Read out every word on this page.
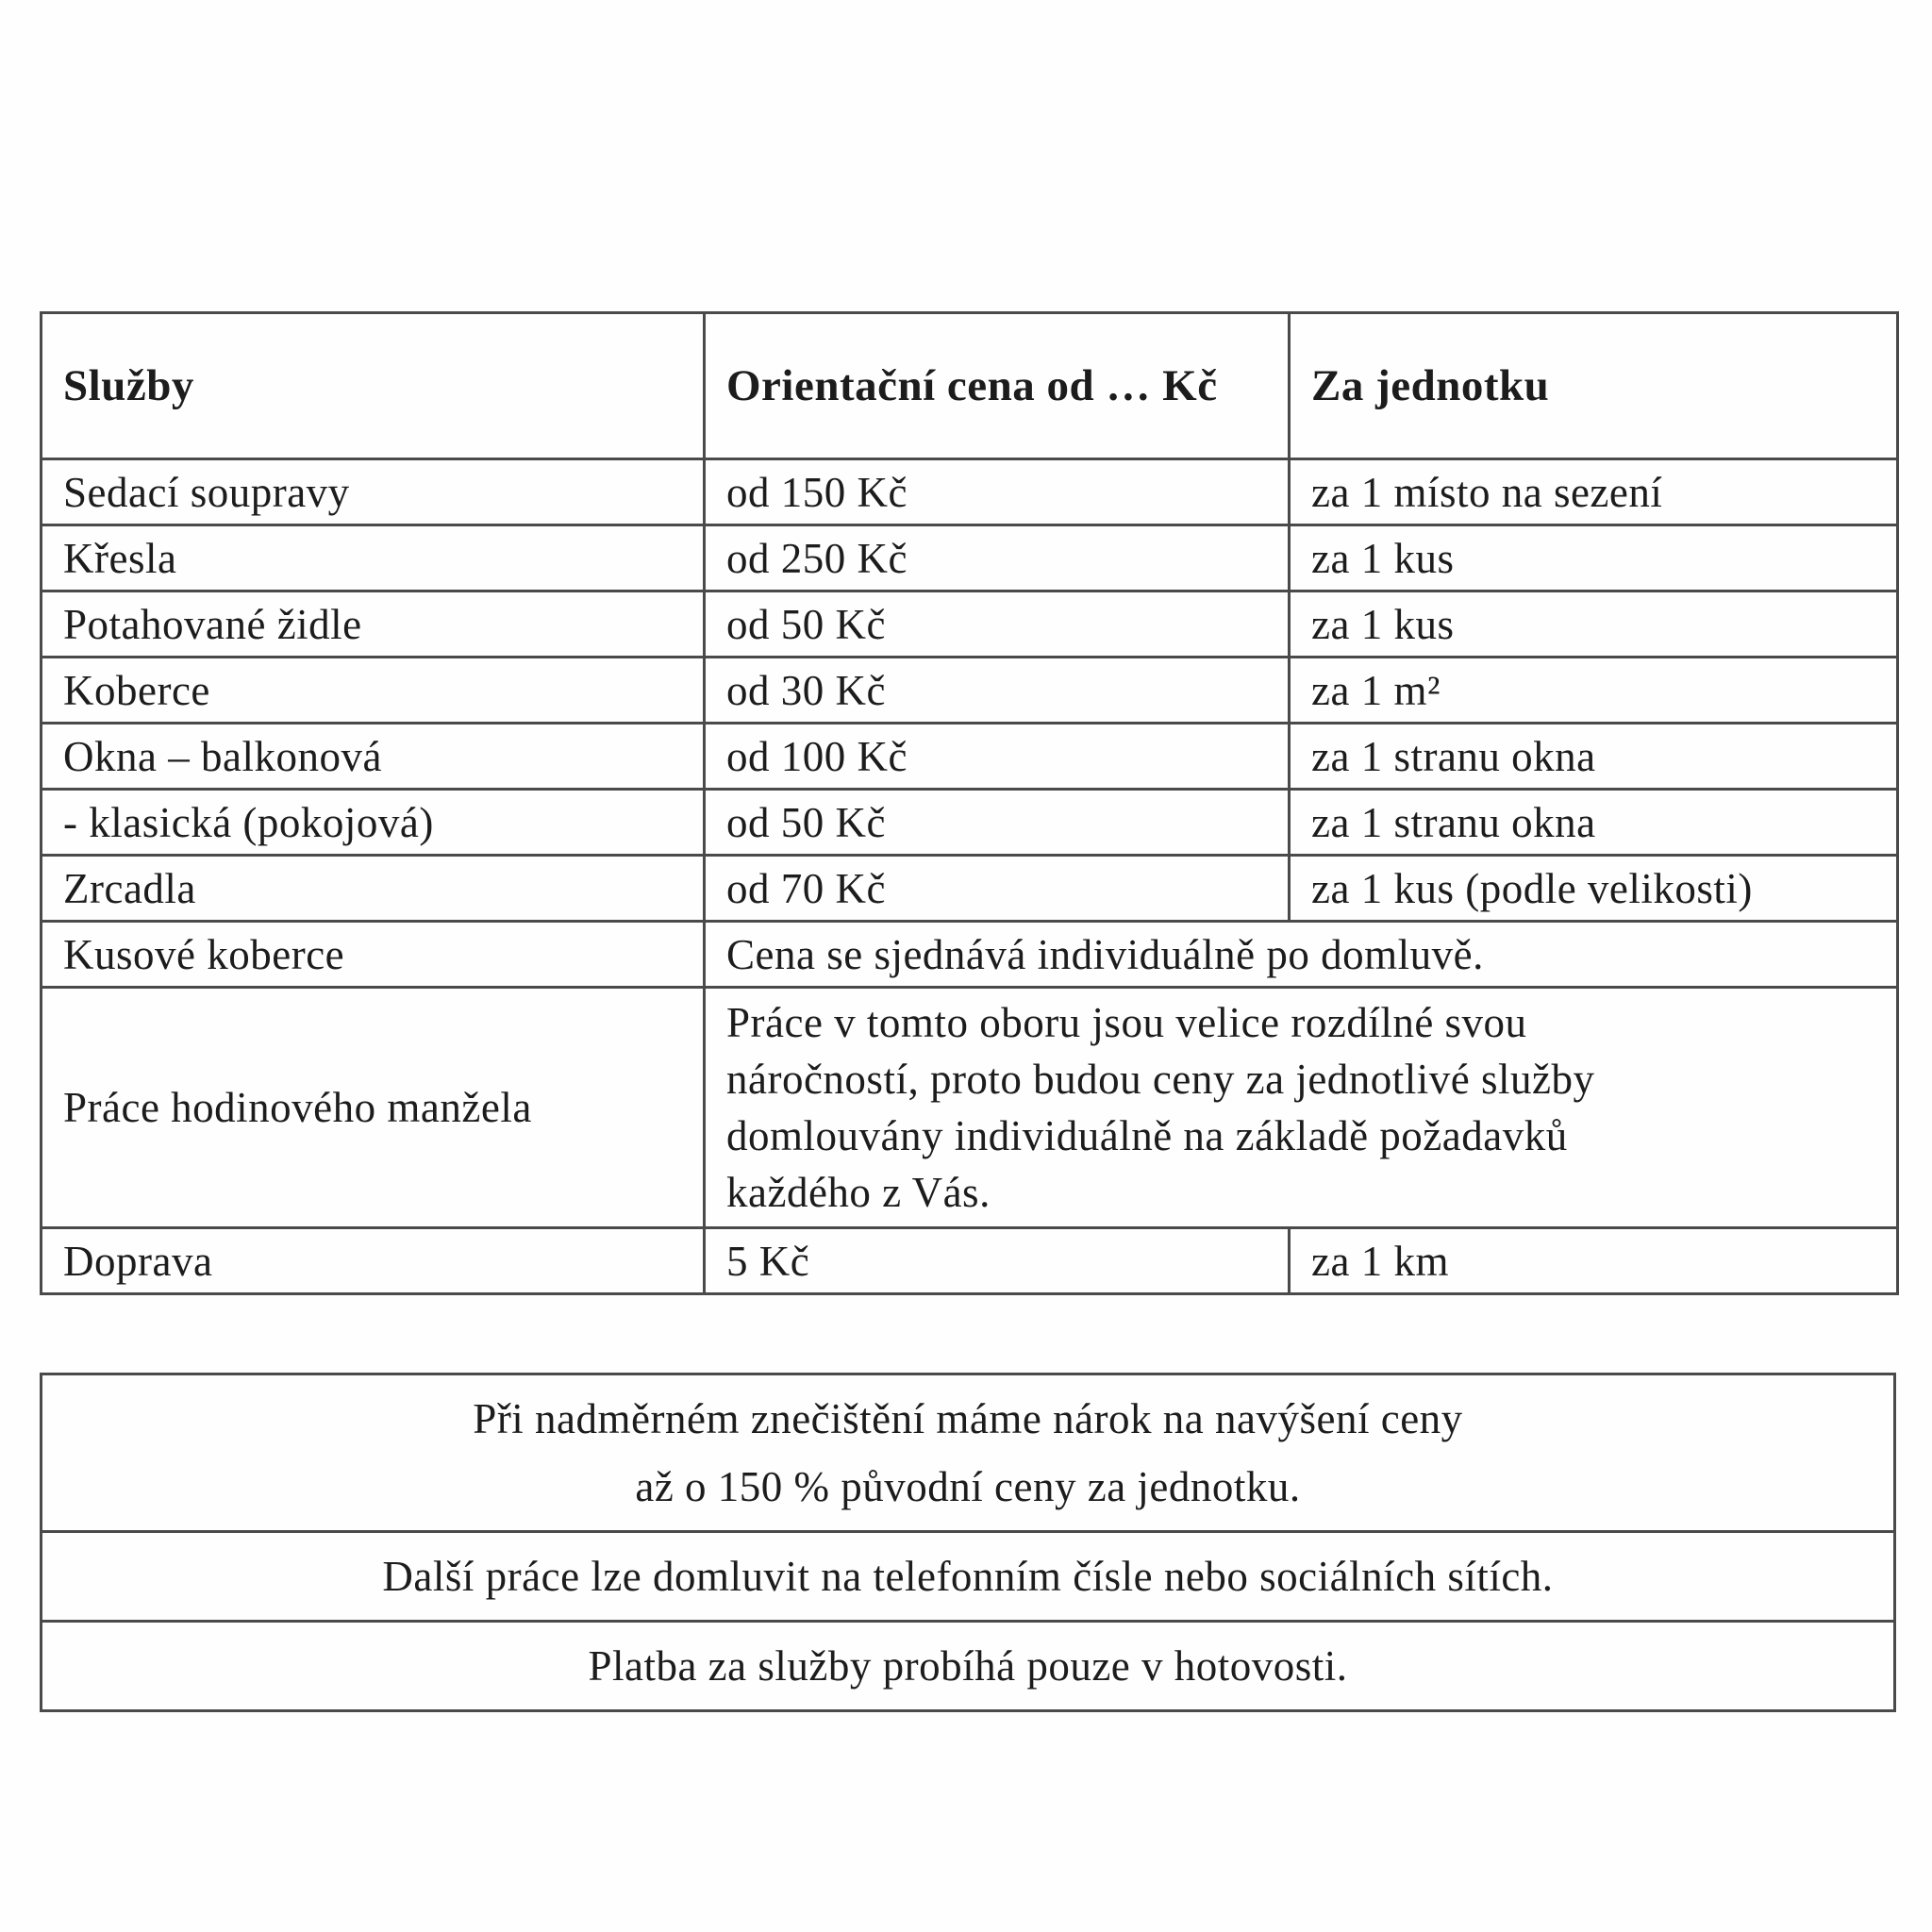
Služby	Orientační cena od … Kč	Za jednotku
Sedací soupravy	od 150 Kč	za 1 místo na sezení
Křesla	od 250 Kč	za 1 kus
Potahované židle	od 50 Kč	za 1 kus
Koberce	od 30 Kč	za 1 m²
Okna – balkonová	od 100 Kč	za 1 stranu okna
- klasická (pokojová)	od 50 Kč	za 1 stranu okna
Zrcadla	od 70 Kč	za 1 kus (podle velikosti)
Kusové koberce	Cena se sjednává individuálně po domluvě.	
Práce hodinového manžela	Práce v tomto oboru jsou velice rozdílné svou
náročností, proto budou ceny za jednotlivé služby
domlouvány individuálně na základě požadavků
každého z Vás.	

Doprava	5 Kč	za 1 km
Při nadměrném znečištění máme nárok na navýšení ceny
až o 150 % původní ceny za jednotku.

Další práce lze domluvit na telefonním čísle nebo sociálních sítích.

Platba za služby probíhá pouze v hotovosti.
